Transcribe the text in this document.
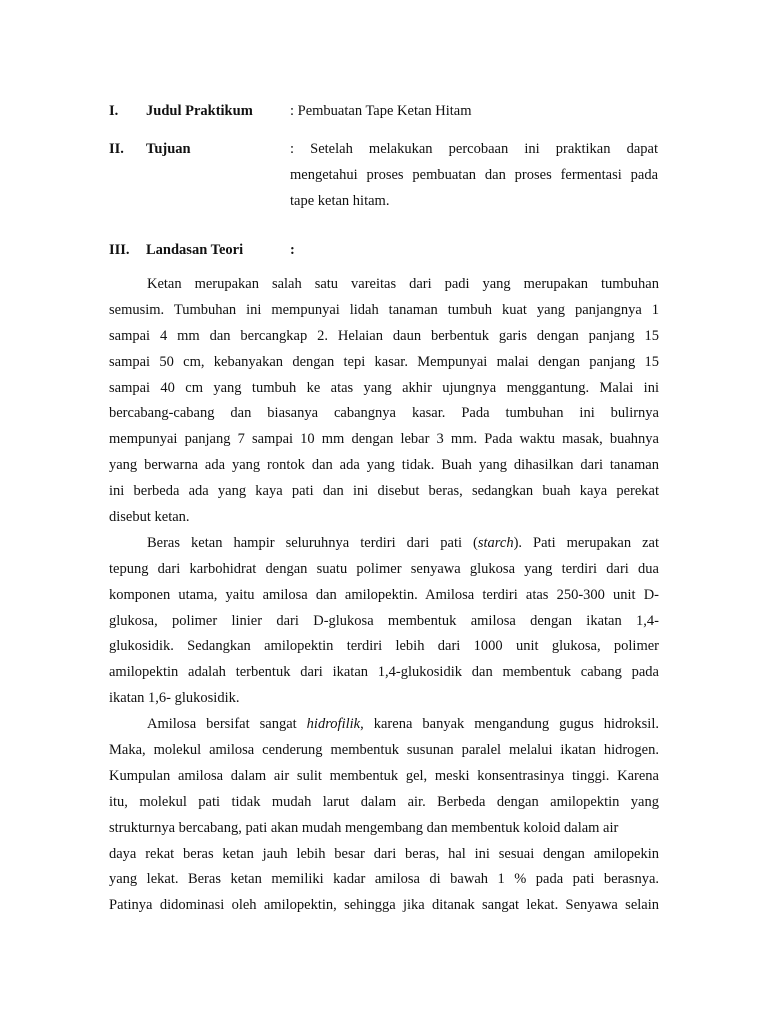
I. Judul Praktikum	: Pembuatan Tape Ketan Hitam
II. Tujuan	: Setelah melakukan percobaan ini praktikan dapat
mengetahui proses pembuatan dan proses fermentasi pada
tape ketan hitam.
III. Landasan Teori	:
Ketan merupakan salah satu vareitas dari padi yang merupakan tumbuhan
semusim. Tumbuhan ini mempunyai lidah tanaman tumbuh kuat yang panjangnya 1
sampai 4 mm dan bercangkap 2. Helaian daun berbentuk garis dengan panjang 15
sampai 50 cm, kebanyakan dengan tepi kasar. Mempunyai malai dengan panjang 15
sampai 40 cm yang tumbuh ke atas yang akhir ujungnya menggantung. Malai ini
bercabang-cabang dan biasanya cabangnya kasar. Pada tumbuhan ini bulirnya
mempunyai panjang 7 sampai 10 mm dengan lebar 3 mm. Pada waktu masak, buahnya
yang berwarna ada yang rontok dan ada yang tidak. Buah yang dihasilkan dari tanaman
ini berbeda ada yang kaya pati dan ini disebut beras, sedangkan buah kaya perekat
disebut ketan.
Beras ketan hampir seluruhnya terdiri dari pati (starch). Pati merupakan zat
tepung dari karbohidrat dengan suatu polimer senyawa glukosa yang terdiri dari dua
komponen utama, yaitu amilosa dan amilopektin. Amilosa terdiri atas 250-300 unit D-
glukosa, polimer linier dari D-glukosa membentuk amilosa dengan ikatan 1,4-
glukosidik. Sedangkan amilopektin terdiri lebih dari 1000 unit glukosa, polimer
amilopektin adalah terbentuk dari ikatan 1,4-glukosidik dan membentuk cabang pada
ikatan 1,6- glukosidik.
Amilosa bersifat sangat hidrofilik, karena banyak mengandung gugus hidroksil.
Maka, molekul amilosa cenderung membentuk susunan paralel melalui ikatan hidrogen.
Kumpulan amilosa dalam air sulit membentuk gel, meski konsentrasinya tinggi. Karena
itu, molekul pati tidak mudah larut dalam air. Berbeda dengan amilopektin yang
strukturnya bercabang, pati akan mudah mengembang dan membentuk koloid dalam air
daya rekat beras ketan jauh lebih besar dari beras, hal ini sesuai dengan amilopekin
yang lekat. Beras ketan memiliki kadar amilosa di bawah 1 % pada pati berasnya.
Patinya didominasi oleh amilopektin, sehingga jika ditanak sangat lekat. Senyawa selain
